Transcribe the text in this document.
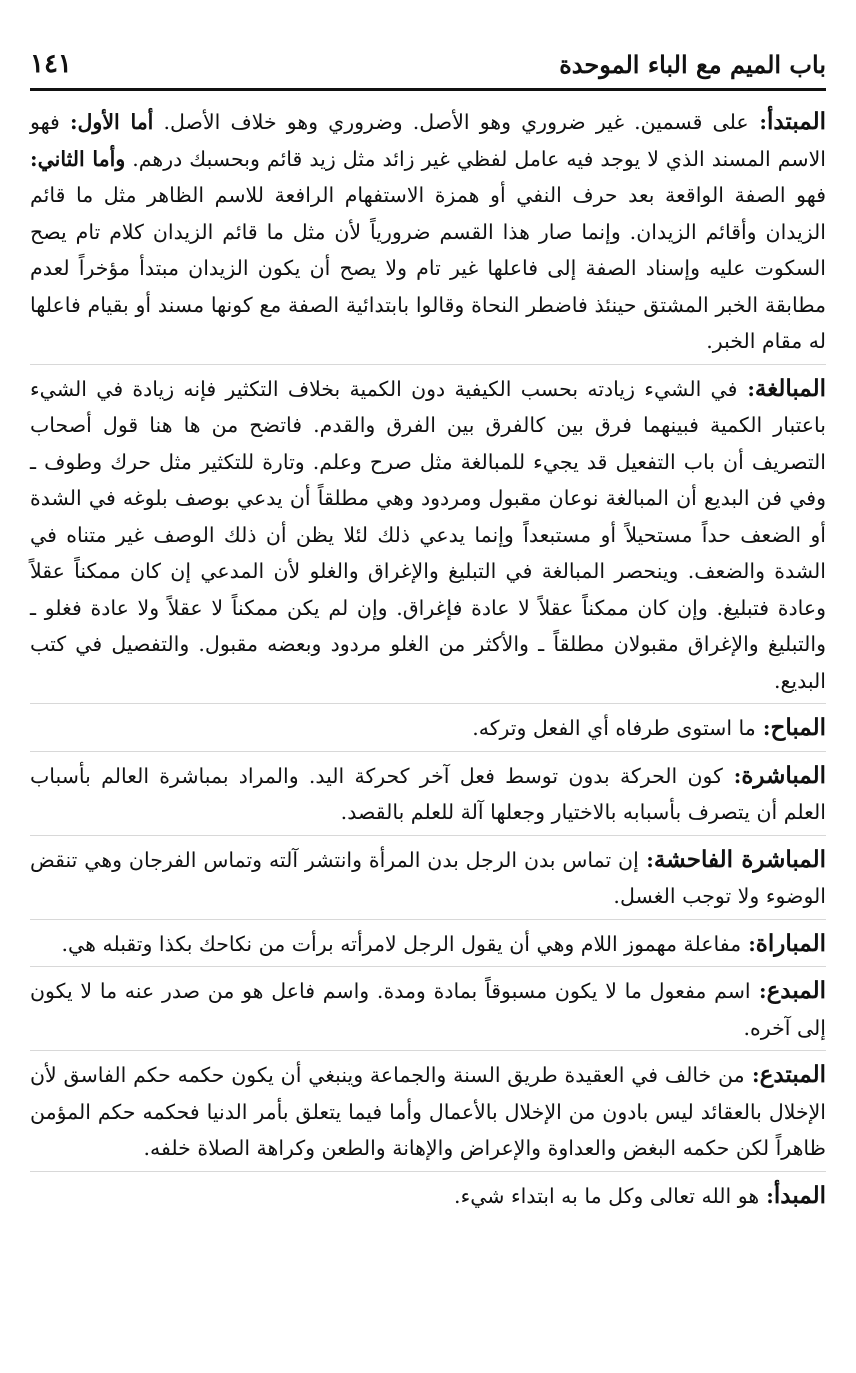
باب الميم مع الباء الموحدة
١٤١

المبتدأ: على قسمين. غير ضروري وهو الأصل. وضروري وهو خلاف الأصل. أما الأول: فهو الاسم المسند الذي لا يوجد فيه عامل لفظي غير زائد مثل زيد قائم وبحسبك درهم. وأما الثاني: فهو الصفة الواقعة بعد حرف النفي أو همزة الاستفهام الرافعة للاسم الظاهر مثل ما قائم الزيدان وأقائم الزيدان. وإنما صار هذا القسم ضرورياً لأن مثل ما قائم الزيدان كلام تام يصح السكوت عليه وإسناد الصفة إلى فاعلها غير تام ولا يصح أن يكون الزيدان مبتدأ مؤخراً لعدم مطابقة الخبر المشتق حينئذ فاضطر النحاة وقالوا بابتدائية الصفة مع كونها مسند أو بقيام فاعلها له مقام الخبر.

المبالغة: في الشيء زيادته بحسب الكيفية دون الكمية بخلاف التكثير فإنه زيادة في الشيء باعتبار الكمية فبينهما فرق بين كالفرق بين الفرق والقدم. فاتضح من ها هنا قول أصحاب التصريف أن باب التفعيل قد يجيء للمبالغة مثل صرح وعلم. وتارة للتكثير مثل حرك وطوف ـ وفي فن البديع أن المبالغة نوعان مقبول ومردود وهي مطلقاً أن يدعي بوصف بلوغه في الشدة أو الضعف حداً مستحيلاً أو مستبعداً وإنما يدعي ذلك لئلا يظن أن ذلك الوصف غير متناه في الشدة والضعف. وينحصر المبالغة في التبليغ والإغراق والغلو لأن المدعي إن كان ممكناً عقلاً وعادة فتبليغ. وإن كان ممكناً عقلاً لا عادة فإغراق. وإن لم يكن ممكناً لا عقلاً ولا عادة فغلو ـ والتبليغ والإغراق مقبولان مطلقاً ـ والأكثر من الغلو مردود وبعضه مقبول. والتفصيل في كتب البديع.

المباح: ما استوى طرفاه أي الفعل وتركه.

المباشرة: كون الحركة بدون توسط فعل آخر كحركة اليد. والمراد بمباشرة العالم بأسباب العلم أن يتصرف بأسبابه بالاختيار وجعلها آلة للعلم بالقصد.

المباشرة الفاحشة: إن تماس بدن الرجل بدن المرأة وانتشر آلته وتماس الفرجان وهي تنقض الوضوء ولا توجب الغسل.

المباراة: مفاعلة مهموز اللام وهي أن يقول الرجل لامرأته برأت من نكاحك بكذا وتقبله هي.

المبدع: اسم مفعول ما لا يكون مسبوقاً بمادة ومدة. واسم فاعل هو من صدر عنه ما لا يكون إلى آخره.

المبتدع: من خالف في العقيدة طريق السنة والجماعة وينبغي أن يكون حكمه حكم الفاسق لأن الإخلال بالعقائد ليس بادون من الإخلال بالأعمال وأما فيما يتعلق بأمر الدنيا فحكمه حكم المؤمن ظاهراً لكن حكمه البغض والعداوة والإعراض والإهانة والطعن وكراهة الصلاة خلفه.

المبدأ: هو الله تعالى وكل ما به ابتداء شيء.
